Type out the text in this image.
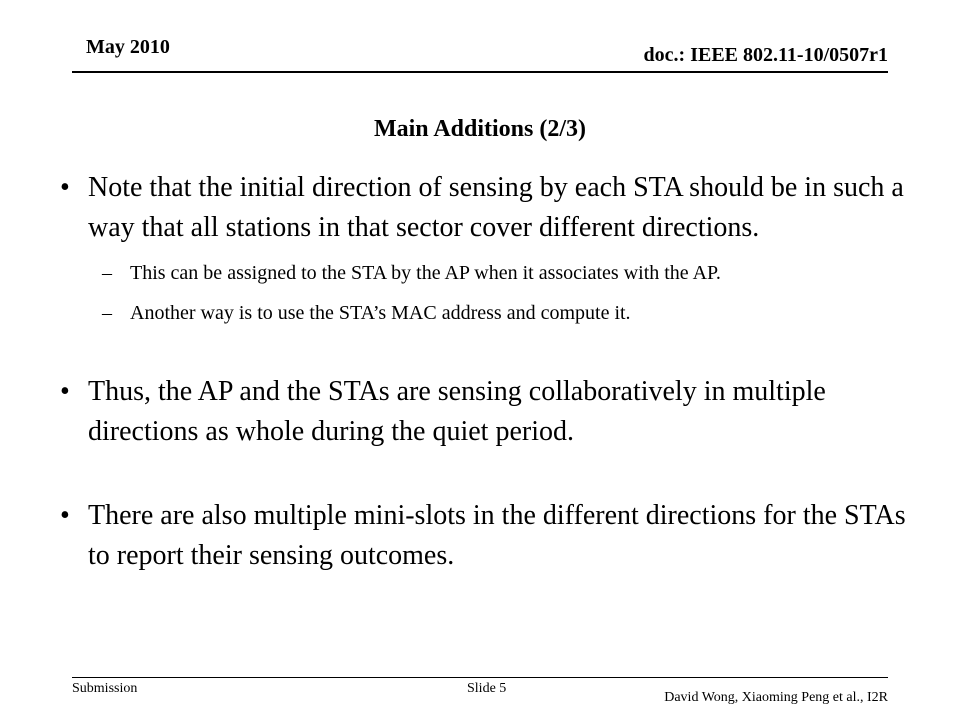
May 2010	doc.: IEEE 802.11-10/0507r1
Main Additions (2/3)
• Note that the initial direction of sensing by each STA should be in such a way that all stations in that sector cover different directions.
– This can be assigned to the STA by the AP when it associates with the AP.
– Another way is to use the STA’s MAC address and compute it.
• Thus, the AP and the STAs are sensing collaboratively in multiple directions as whole during the quiet period.
• There are also multiple mini-slots in the different directions for the STAs to report their sensing outcomes.
Submission	Slide 5
David Wong, Xiaoming Peng et al., I2R
